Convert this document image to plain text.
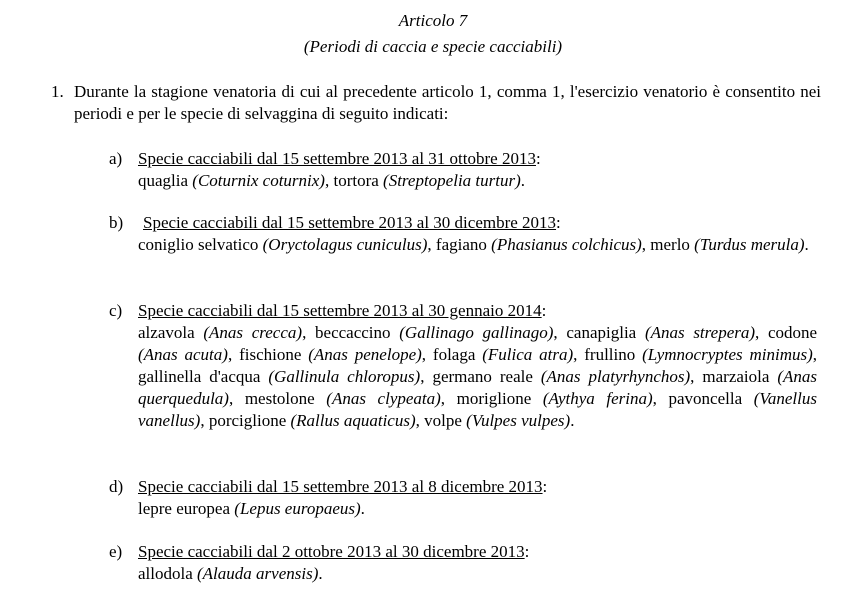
Articolo 7
(Periodi di caccia e specie cacciabili)
1. Durante la stagione venatoria di cui al precedente articolo 1, comma 1, l'esercizio venatorio è consentito nei periodi e per le specie di selvaggina di seguito indicati:
a) Specie cacciabili dal 15 settembre 2013 al 31 ottobre 2013:
quaglia (Coturnix coturnix), tortora (Streptopelia turtur).
b) Specie cacciabili dal 15 settembre 2013 al 30 dicembre 2013:
coniglio selvatico (Oryctolagus cuniculus), fagiano (Phasianus colchicus), merlo (Turdus merula).
c) Specie cacciabili dal 15 settembre 2013 al 30 gennaio 2014:
alzavola (Anas crecca), beccaccino (Gallinago gallinago), canapiglia (Anas strepera), codone (Anas acuta), fischione (Anas penelope), folaga (Fulica atra), frullino (Lymnocryptes minimus), gallinella d'acqua (Gallinula chloropus), germano reale (Anas platyrhynchos), marzaiola (Anas querquedula), mestolone (Anas clypeata), moriglione (Aythya ferina), pavoncella (Vanellus vanellus), porciglione (Rallus aquaticus), volpe (Vulpes vulpes).
d) Specie cacciabili dal 15 settembre 2013 al 8 dicembre 2013:
lepre europea (Lepus europaeus).
e) Specie cacciabili dal 2 ottobre 2013 al 30 dicembre 2013:
allodola (Alauda arvensis).
